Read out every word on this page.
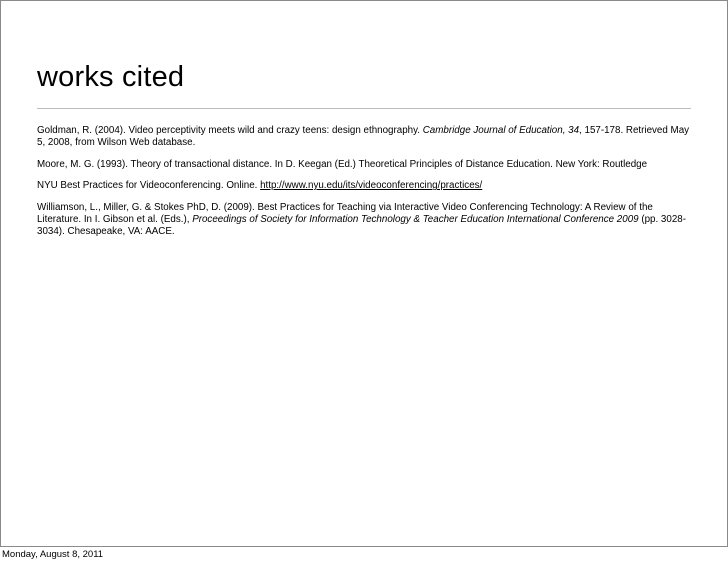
works cited

Goldman, R. (2004). Video perceptivity meets wild and crazy teens: design ethnography. Cambridge Journal of Education, 34, 157-178. Retrieved May 5, 2008, from Wilson Web database.

Moore, M. G. (1993). Theory of transactional distance. In D. Keegan (Ed.) Theoretical Principles of Distance Education. New York: Routledge

NYU Best Practices for Videoconferencing. Online. http://www.nyu.edu/its/videoconferencing/practices/

Williamson, L., Miller, G. & Stokes PhD, D. (2009). Best Practices for Teaching via Interactive Video Conferencing Technology: A Review of the Literature. In I. Gibson et al. (Eds.), Proceedings of Society for Information Technology & Teacher Education International Conference 2009 (pp. 3028-3034). Chesapeake, VA: AACE.

Monday, August 8, 2011
